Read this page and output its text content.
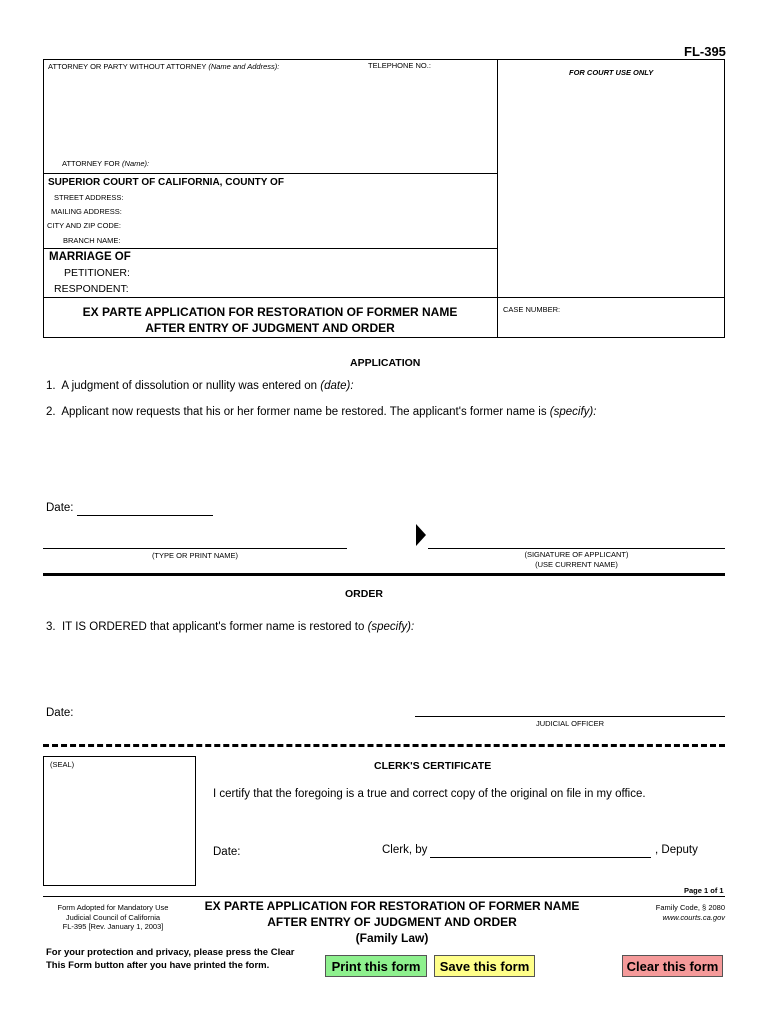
FL-395
ATTORNEY OR PARTY WITHOUT ATTORNEY (Name and Address):	TELEPHONE NO.:
FOR COURT USE ONLY
ATTORNEY FOR (Name):
SUPERIOR COURT OF CALIFORNIA, COUNTY OF
STREET ADDRESS:
MAILING ADDRESS:
CITY AND ZIP CODE:
BRANCH NAME:
MARRIAGE OF
PETITIONER:
RESPONDENT:
EX PARTE APPLICATION FOR RESTORATION OF FORMER NAME
AFTER ENTRY OF JUDGMENT AND ORDER
CASE NUMBER:
APPLICATION
1. A judgment of dissolution or nullity was entered on (date):
2. Applicant now requests that his or her former name be restored. The applicant's former name is (specify):
Date:
(TYPE OR PRINT NAME)	(SIGNATURE OF APPLICANT)
(USE CURRENT NAME)
ORDER
3. IT IS ORDERED that applicant's former name is restored to (specify):
Date:
JUDICIAL OFFICER
(SEAL)	CLERK'S CERTIFICATE
I certify that the foregoing is a true and correct copy of the original on file in my office.
Date:	Clerk, by	, Deputy
Page 1 of 1
Form Adopted for Mandatory Use
Judicial Council of California
FL-395 [Rev. January 1, 2003]
EX PARTE APPLICATION FOR RESTORATION OF FORMER NAME
AFTER ENTRY OF JUDGMENT AND ORDER
(Family Law)
Family Code, § 2080
www.courts.ca.gov
For your protection and privacy, please press the Clear
This Form button after you have printed the form.	Print this form	Save this form	Clear this form
